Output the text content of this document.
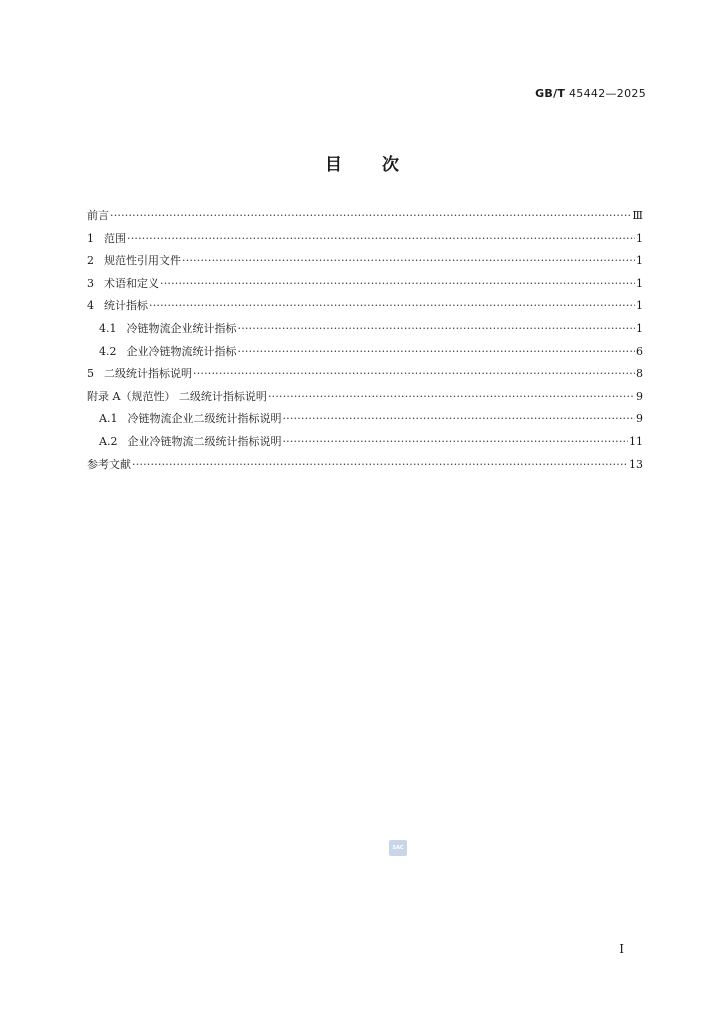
GB/T 45442—2025
目 次
前言 ·····	Ⅲ
1 范围 ·····	1
2 规范性引用文件 ·····	1
3 术语和定义 ·····	1
4 统计指标 ·····	1
4.1 冷链物流企业统计指标 ·····	1
4.2 企业冷链物流统计指标 ·····	6
5 二级统计指标说明 ·····	8
附录 A（规范性） 二级统计指标说明 ·····	9
A.1 冷链物流企业二级统计指标说明 ·····	9
A.2 企业冷链物流二级统计指标说明 ·····	11
参考文献 ·····	13
SAC
I
